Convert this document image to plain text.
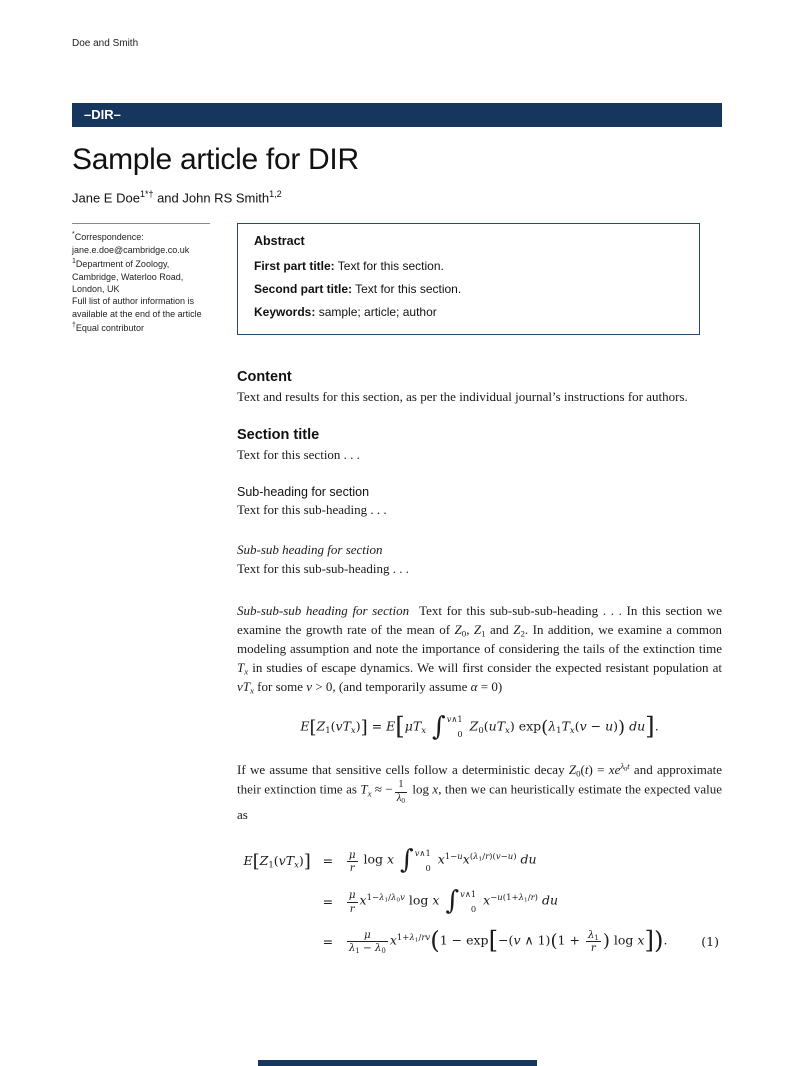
Doe and Smith
–DIR–
Sample article for DIR
Jane E Doe$^{1*\dagger}$ and John RS Smith$^{1,2}$
*Correspondence:
jane.e.doe@cambridge.co.uk
$^1$Department of Zoology,
Cambridge, Waterloo Road,
London, UK
Full list of author information is
available at the end of the article
†Equal contributor
Abstract
First part title: Text for this section.
Second part title: Text for this section.
Keywords: sample; article; author
Content

Text and results for this section, as per the individual journal’s instructions for authors.

Section title

Text for this section . . .

Sub-heading for section

Text for this sub-heading . . .

Sub-sub heading for section

Text for this sub-sub-heading . . .

Sub-sub-sub heading for section Text for this sub-sub-sub-heading . . . In this section we examine the growth rate of the mean of $Z_0$, $Z_1$ and $Z_2$. In addition, we examine a common modeling assumption and note the importance of considering the tails of the extinction time $T_x$ in studies of escape dynamics. We will first consider the expected resistant population at $vT_x$ for some v > 0, (and temporarily assume α = 0)

$E[Z_1(vT_x)] = E[\mu T_x$ ∫ v∧1
0
$Z_0(uT_x) \exp(\lambda_1T_x(v - u))$ du].

If we assume that sensitive cells follow a deterministic decay $Z_0(t) = xe^{\lambda_0t}$ and approximate their extinction time as $T_x$ ≈ − $\frac{1}{\lambda_0}$ log x, then we can heuristically estimate the expected value as

$E[Z_1(vT_x)]$	=	$\frac{\mu}{r}$ log x ∫ v∧1
0
$x^{1-u}x^{(\lambda_1/r)(v-u)}$ du	
	=	$\frac{\mu}{r} x^{1-\lambda_1/\lambda_0v}$ log x ∫ v∧1
0
$x^{-u(1+\lambda_1/r)}$ du	
	=	$\frac{\mu}{\lambda_1 - \lambda_0} x^{1+\lambda_1/rv}(1 - \exp[-(v$ ∧ $1)(1 + \frac{\lambda_1}{r}$ ) log x]).	(1)
